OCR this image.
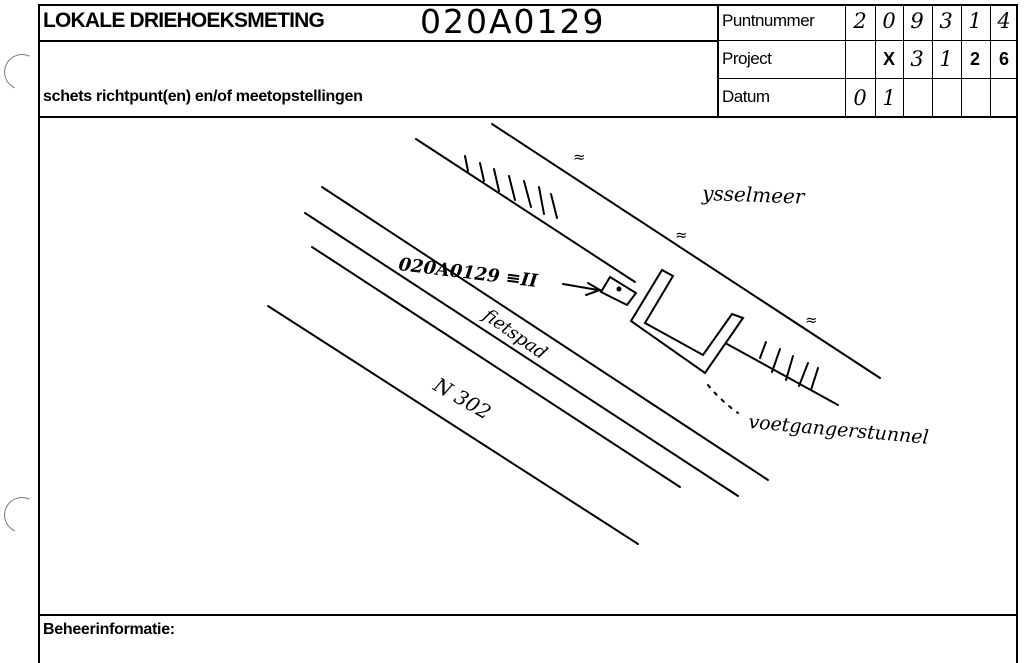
LOKALE DRIEHOEKSMETING	020A0129
schets richtpunt(en) en/of meetopstellingen
Beheerinformatie:
Puntnummer
Project
Datum
2 0 9 3 1 4
X 3 1 2	6
0 1
ysselmeer
≈
≈
≈
020A0129 ≡II
fietspad
N 302
voetgangerstunnel
